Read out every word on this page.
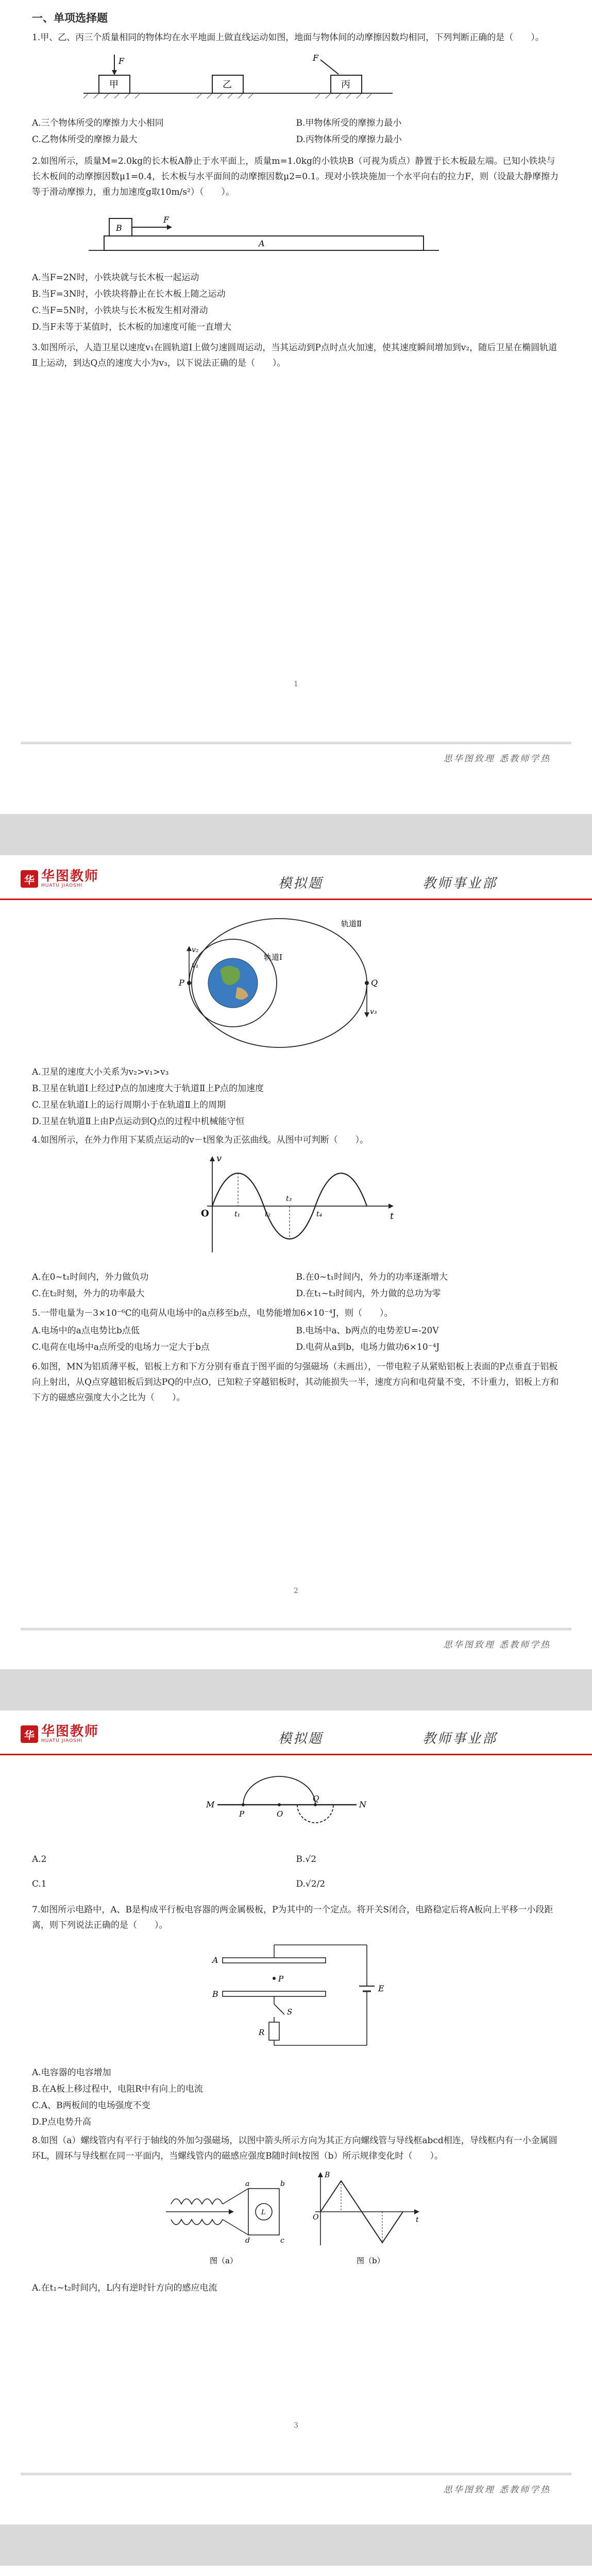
一、单项选择题

1.甲、乙、丙三个质量相同的物体均在水平地面上做直线运动如图，地面与物体间的动摩擦因数均相同，下列判断正确的是（　　）。

甲
F
乙	丙
F
A.三个物体所受的摩擦力大小相同	B.甲物体所受的摩擦力最小
C.乙物体所受的摩擦力最大	D.丙物体所受的摩擦力最小

2.如图所示，质量M=2.0kg的长木板A静止于水平面上，质量m=1.0kg的小铁块B（可视为质点）静置于长木板最左端。已知小铁块与长木板间的动摩擦因数μ1=0.4，长木板与水平面间的动摩擦因数μ2=0.1。现对小铁块施加一个水平向右的拉力F，则（设最大静摩擦力等于滑动摩擦力，重力加速度g取10m/s²）（　　）。

B
F
A
A.当F=2N时，小铁块就与长木板一起运动
B.当F=3N时，小铁块将静止在长木板上随之运动
C.当F=5N时，小铁块与长木板发生相对滑动
D.当F未等于某值时，长木板的加速度可能一直增大

3.如图所示，人造卫星以速度v₁在圆轨道Ⅰ上做匀速圆周运动，当其运动到P点时点火加速，使其速度瞬间增加到v₂，随后卫星在椭圆轨道Ⅱ上运动，到达Q点的速度大小为v₃，以下说法正确的是（　　）。

1
思华图致理 悉教师学热
华 华图教师
HUATU JIAOSHI	模拟题	教师事业部
P	Q
v₂
v₁
v₃
轨道Ⅰ
轨道Ⅱ
A.卫星的速度大小关系为v₂>v₁>v₃
B.卫星在轨道Ⅰ上经过P点的加速度大于轨道Ⅱ上P点的加速度
C.卫星在轨道Ⅰ上的运行周期小于在轨道Ⅱ上的周期
D.卫星在轨道Ⅱ上由P点运动到Q点的过程中机械能守恒

4.如图所示，在外力作用下某质点运动的v－t图象为正弦曲线。从图中可判断（　　）。

v
t
O	t₁	t₂
t₃
t₄
A.在0~t₁时间内，外力做负功	B.在0~t₁时间内，外力的功率逐渐增大
C.在t₂时刻，外力的功率最大	D.在t₁~t₃时间内，外力做的总功为零

5.一带电量为－3×10⁻⁶C的电荷从电场中的a点移至b点，电势能增加6×10⁻⁴J，则（　　）。

A.电场中的a点电势比b点低	B.电场中a、b两点的电势差U=-20V
C.电荷在电场中a点所受的电场力一定大于b点	D.电荷从a到b，电场力做功6×10⁻⁴J

6.如图，MN为铝质薄平板，铝板上方和下方分别有垂直于图平面的匀强磁场（未画出），一带电粒子从紧贴铝板上表面的P点垂直于铝板向上射出，从Q点穿越铝板后到达PQ的中点O，已知粒子穿越铝板时，其动能损失一半，速度方向和电荷量不变，不计重力，铝板上方和下方的磁感应强度大小之比为（　　）。

2
思华图致理 悉教师学热
华 华图教师
HUATU JIAOSHI	模拟题	教师事业部
M	N
P	O
Q
A.2	B.√2
C.1	D.√2/2

7.如图所示电路中，A、B是构成平行板电容器的两金属极板，P为其中的一个定点。将开关S闭合，电路稳定后将A板向上平移一小段距离，则下列说法正确的是（　　）。

A
B
P
S
R
E
A.电容器的电容增加
B.在A板上移过程中，电阻R中有向上的电流
C.A、B两板间的电场强度不变
D.P点电势升高

8.如图（a）螺线管内有平行于轴线的外加匀强磁场，以图中箭头所示方向为其正方向螺线管与导线框abcd相连，导线框内有一小金属圆环L，圆环与导线框在同一平面内，当螺线管内的磁感应强度B随时间t按图（b）所示规律变化时（　　）。

a	b
c
d
L
图（a）
B
t
O
图（b）
A.在t₁~t₂时间内，L内有逆时针方向的感应电流
3
思华图致理 悉教师学热
